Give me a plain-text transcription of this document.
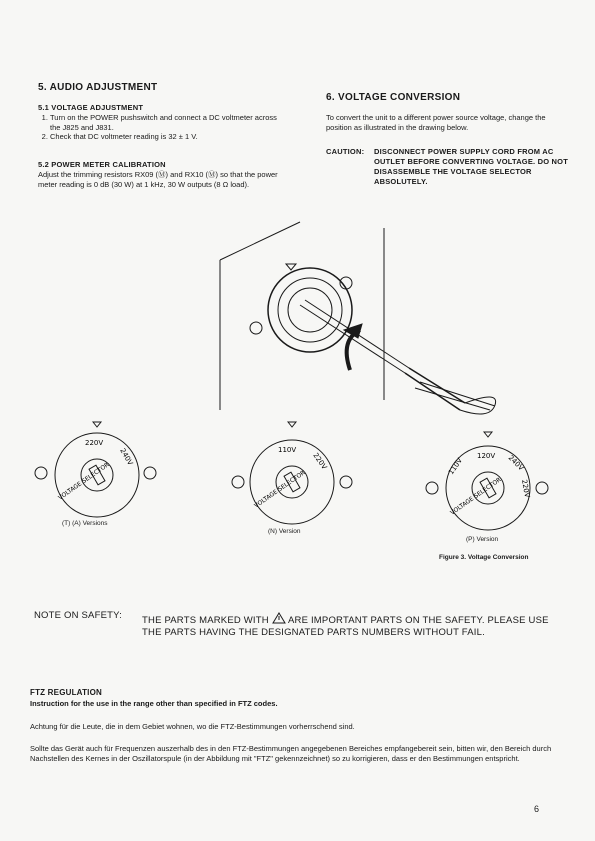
5. AUDIO ADJUSTMENT
5.1 VOLTAGE ADJUSTMENT
1. Turn on the POWER pushswitch and connect a DC voltmeter across the J825 and J831.
2. Check that DC voltmeter reading is 32 ± 1 V.
5.2 POWER METER CALIBRATION
Adjust the trimming resistors RX09 (Ⓜ) and RX10 (Ⓜ) so that the power meter reading is 0 dB (30 W) at 1 kHz, 30 W outputs (8 Ω load).
6. VOLTAGE CONVERSION
To convert the unit to a different power source voltage, change the position as illustrated in the drawing below.
CAUTION: DISCONNECT POWER SUPPLY CORD FROM AC OUTLET BEFORE CONVERTING VOLTAGE. DO NOT DISASSEMBLE THE VOLTAGE SELECTOR ABSOLUTELY.
220V
240V
VOLTAGE SELECTOR
(T) (A) Versions
110V
220V
VOLTAGE SELECTOR
(N) Version
120V
110V	240V
220V
VOLTAGE SELECTOR
(P) Version
Figure 3. Voltage Conversion
NOTE ON SAFETY: THE PARTS MARKED WITH ARE IMPORTANT PARTS ON THE SAFETY. PLEASE USE
THE PARTS HAVING THE DESIGNATED PARTS NUMBERS WITHOUT FAIL.
FTZ REGULATION
Instruction for the use in the range other than specified in FTZ codes.
Achtung für die Leute, die in dem Gebiet wohnen, wo die FTZ-Bestimmungen vorherrschend sind.
Sollte das Gerät auch für Frequenzen auszerhalb des in den FTZ-Bestimmungen angegebenen Bereiches empfangebereit sein, bitten wir, den Bereich durch Nachstellen des Kernes in der Oszillatorspule (in der Abbildung mit "FTZ" gekennzeichnet) so zu korrigieren, dass er den Bestimmungen entspricht.
6
